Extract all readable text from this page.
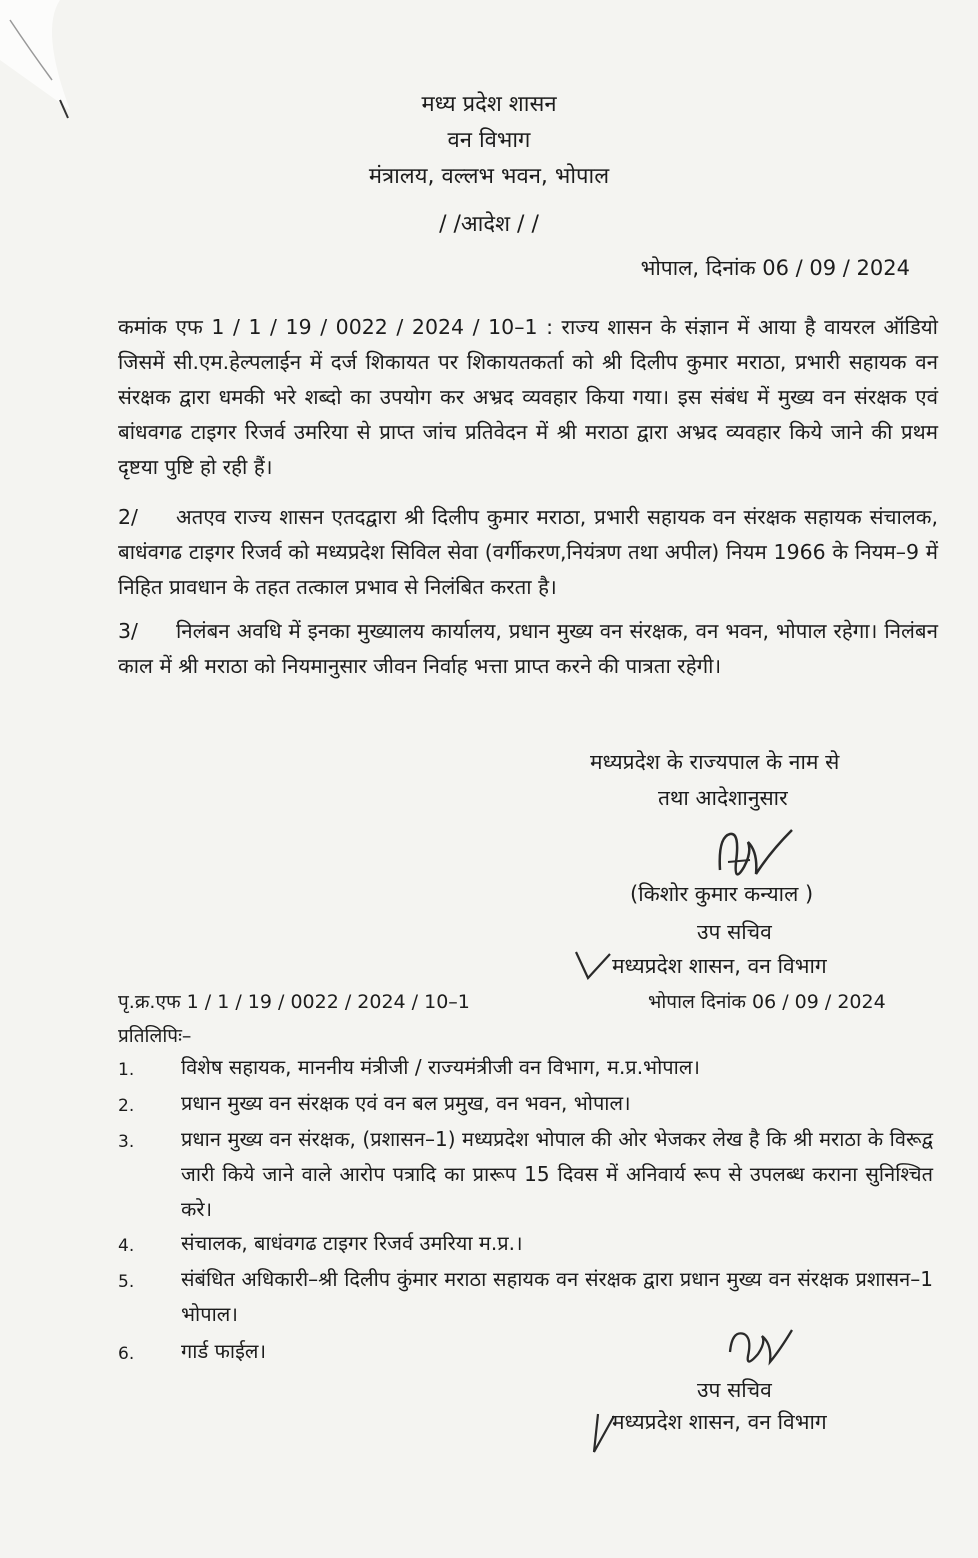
मध्य प्रदेश शासन
वन विभाग
मंत्रालय, वल्लभ भवन, भोपाल
/ /आदेश / /
भोपाल, दिनांक 06 / 09 / 2024
कमांक एफ 1 / 1 / 19 / 0022 / 2024 / 10–1 : राज्य शासन के संज्ञान में आया है वायरल ऑडियो जिसमें सी.एम.हेल्पलाईन में दर्ज शिकायत पर शिकायतकर्ता को श्री दिलीप कुमार मराठा, प्रभारी सहायक वन संरक्षक द्वारा धमकी भरे शब्दो का उपयोग कर अभ्रद व्यवहार किया गया। इस संबंध में मुख्य वन संरक्षक एवं बांधवगढ टाइगर रिजर्व उमरिया से प्राप्त जांच प्रतिवेदन में श्री मराठा द्वारा अभ्रद व्यवहार किये जाने की प्रथम दृष्टया पुष्टि हो रही हैं।
2/ अतएव राज्य शासन एतदद्वारा श्री दिलीप कुमार मराठा, प्रभारी सहायक वन संरक्षक सहायक संचालक, बाधंवगढ टाइगर रिजर्व को मध्यप्रदेश सिविल सेवा (वर्गीकरण,नियंत्रण तथा अपील) नियम 1966 के नियम–9 में निहित प्रावधान के तहत तत्काल प्रभाव से निलंबित करता है।
3/ निलंबन अवधि में इनका मुख्यालय कार्यालय, प्रधान मुख्य वन संरक्षक, वन भवन, भोपाल रहेगा। निलंबन काल में श्री मराठा को नियमानुसार जीवन निर्वाह भत्ता प्राप्त करने की पात्रता रहेगी।
मध्यप्रदेश के राज्यपाल के नाम से
तथा आदेशानुसार
(किशोर कुमार कन्याल )
उप सचिव
मध्यप्रदेश शासन, वन विभाग
पृ.क्र.एफ 1 / 1 / 19 / 0022 / 2024 / 10–1	भोपाल दिनांक 06 / 09 / 2024
प्रतिलिपिः–
1. विशेष सहायक, माननीय मंत्रीजी / राज्यमंत्रीजी वन विभाग, म.प्र.भोपाल।
2. प्रधान मुख्य वन संरक्षक एवं वन बल प्रमुख, वन भवन, भोपाल।
3. प्रधान मुख्य वन संरक्षक, (प्रशासन–1) मध्यप्रदेश भोपाल की ओर भेजकर लेख है कि श्री मराठा के विरूद्व जारी किये जाने वाले आरोप पत्रादि का प्रारूप 15 दिवस में अनिवार्य रूप से उपलब्ध कराना सुनिश्चित करे।
4. संचालक, बाधंवगढ टाइगर रिजर्व उमरिया म.प्र.।
5. संबंधित अधिकारी–श्री दिलीप कुंमार मराठा सहायक वन संरक्षक द्वारा प्रधान मुख्य वन संरक्षक प्रशासन–1 भोपाल।
6. गार्ड फाईल।
उप सचिव
मध्यप्रदेश शासन, वन विभाग
